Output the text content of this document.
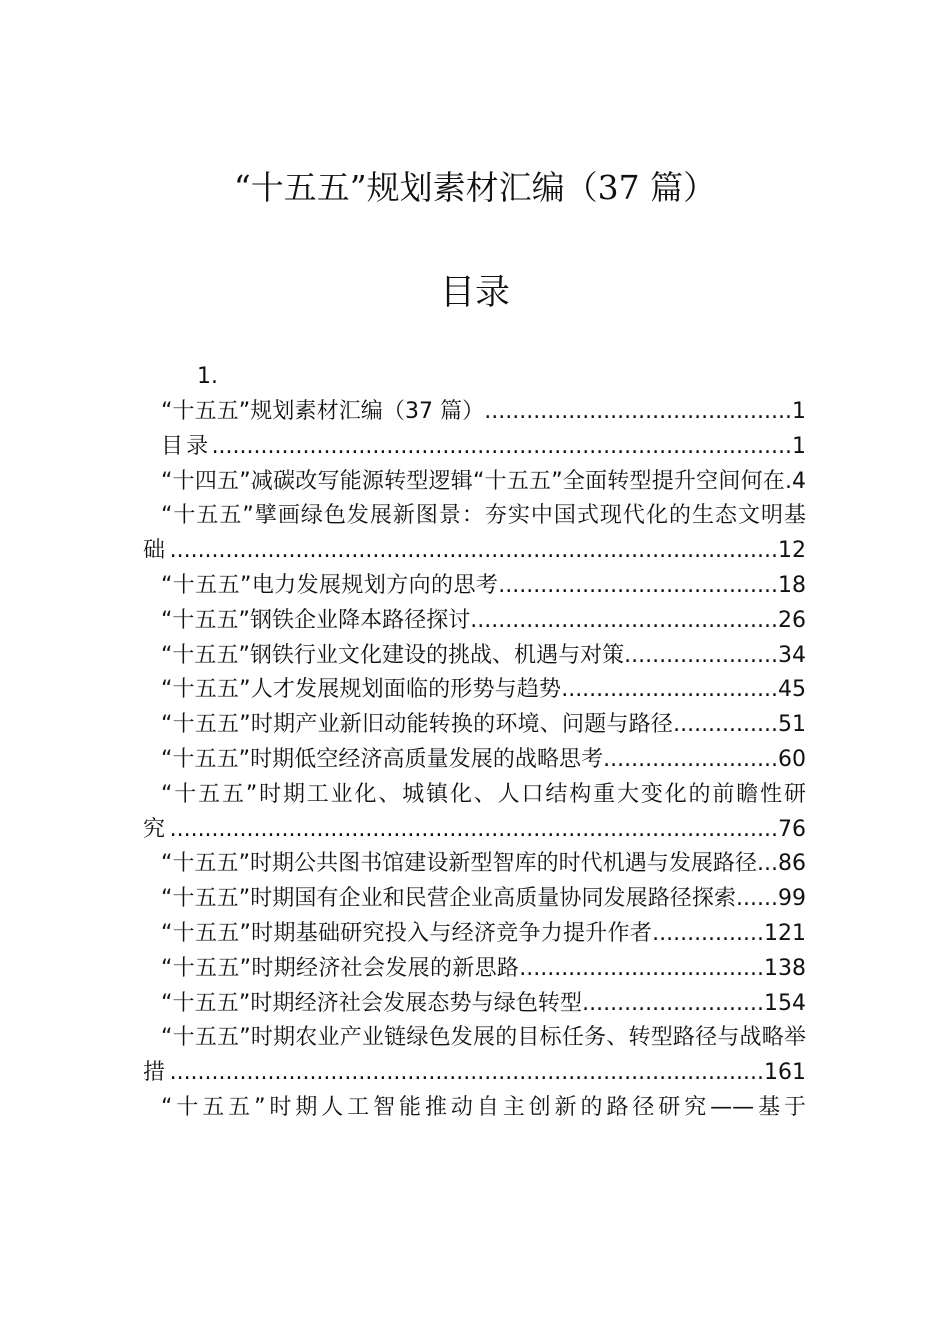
“十五五”规划素材汇编（37 篇）
目录
1.
“十五五”规划素材汇编（37 篇）............................................1
目录...................................................................................1
“十四五”减碳改写能源转型逻辑“十五五”全面转型提升空间何在.4
“十五五”擘画绿色发展新图景：夯实中国式现代化的生态文明基础.......................................................................................12
“十五五”电力发展规划方向的思考........................................18
“十五五”钢铁企业降本路径探讨............................................26
“十五五”钢铁行业文化建设的挑战、机遇与对策......................34
“十五五”人才发展规划面临的形势与趋势...............................45
“十五五”时期产业新旧动能转换的环境、问题与路径...............51
“十五五”时期低空经济高质量发展的战略思考.........................60
“十五五”时期工业化、城镇化、人口结构重大变化的前瞻性研究.......................................................................................76
“十五五”时期公共图书馆建设新型智库的时代机遇与发展路径...86
“十五五”时期国有企业和民营企业高质量协同发展路径探索......99
“十五五”时期基础研究投入与经济竞争力提升作者................121
“十五五”时期经济社会发展的新思路...................................138
“十五五”时期经济社会发展态势与绿色转型..........................154
“十五五”时期农业产业链绿色发展的目标任务、转型路径与战略举措.....................................................................................161
“十五五”时期人工智能推动自主创新的路径研究——基于
